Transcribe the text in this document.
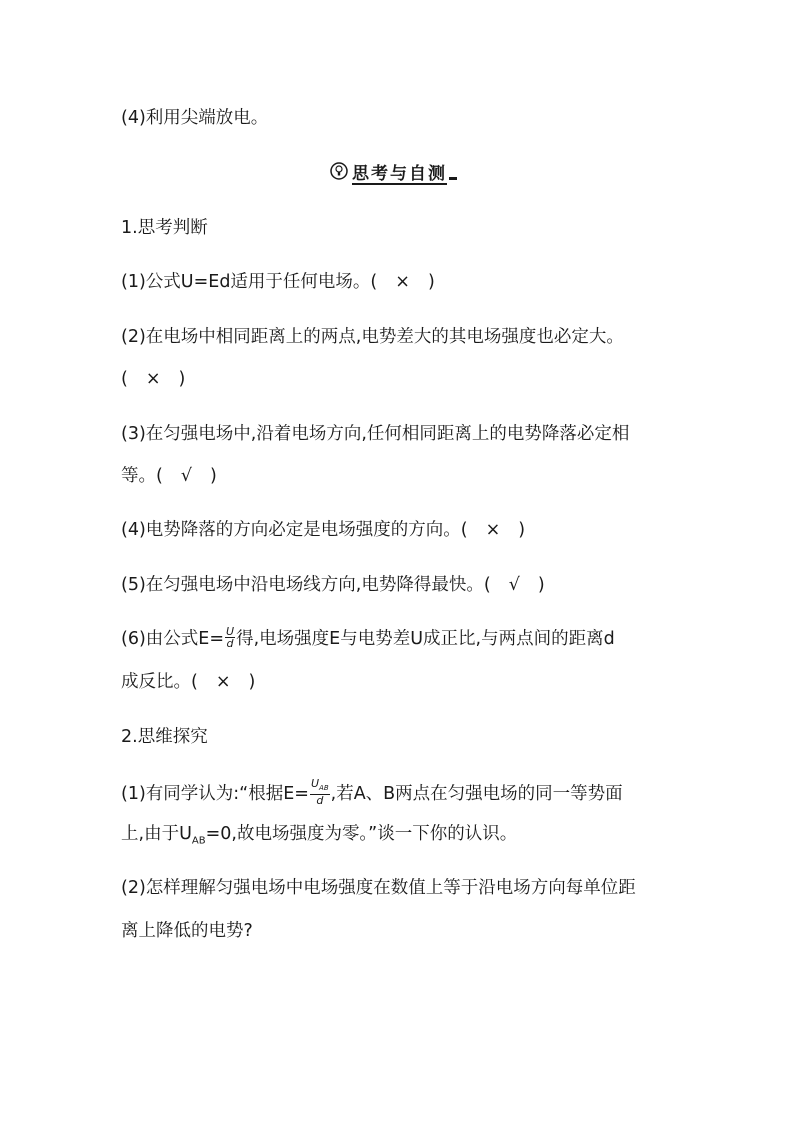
(4)利用尖端放电。
思考与自测
1.思考判断
(1)公式U=Ed适用于任何电场。( × )
(2)在电场中相同距离上的两点,电势差大的其电场强度也必定大。
( × )
(3)在匀强电场中,沿着电场方向,任何相同距离上的电势降落必定相
等。( √ )
(4)电势降落的方向必定是电场强度的方向。( × )
(5)在匀强电场中沿电场线方向,电势降得最快。( √ )
(6)由公式$E= \frac{U}{d}$ 得,电场强度E与电势差U成正比,与两点间的距离d
成反比。( × )
2.思维探究
(1)有同学认为:“根据$E= \frac{U_{AB}}{d}$ ,若A、B两点在匀强电场的同一等势面
上,由于$U_{AB}=0$,故电场强度为零。”谈一下你的认识。
(2)怎样理解匀强电场中电场强度在数值上等于沿电场方向每单位距
离上降低的电势?
